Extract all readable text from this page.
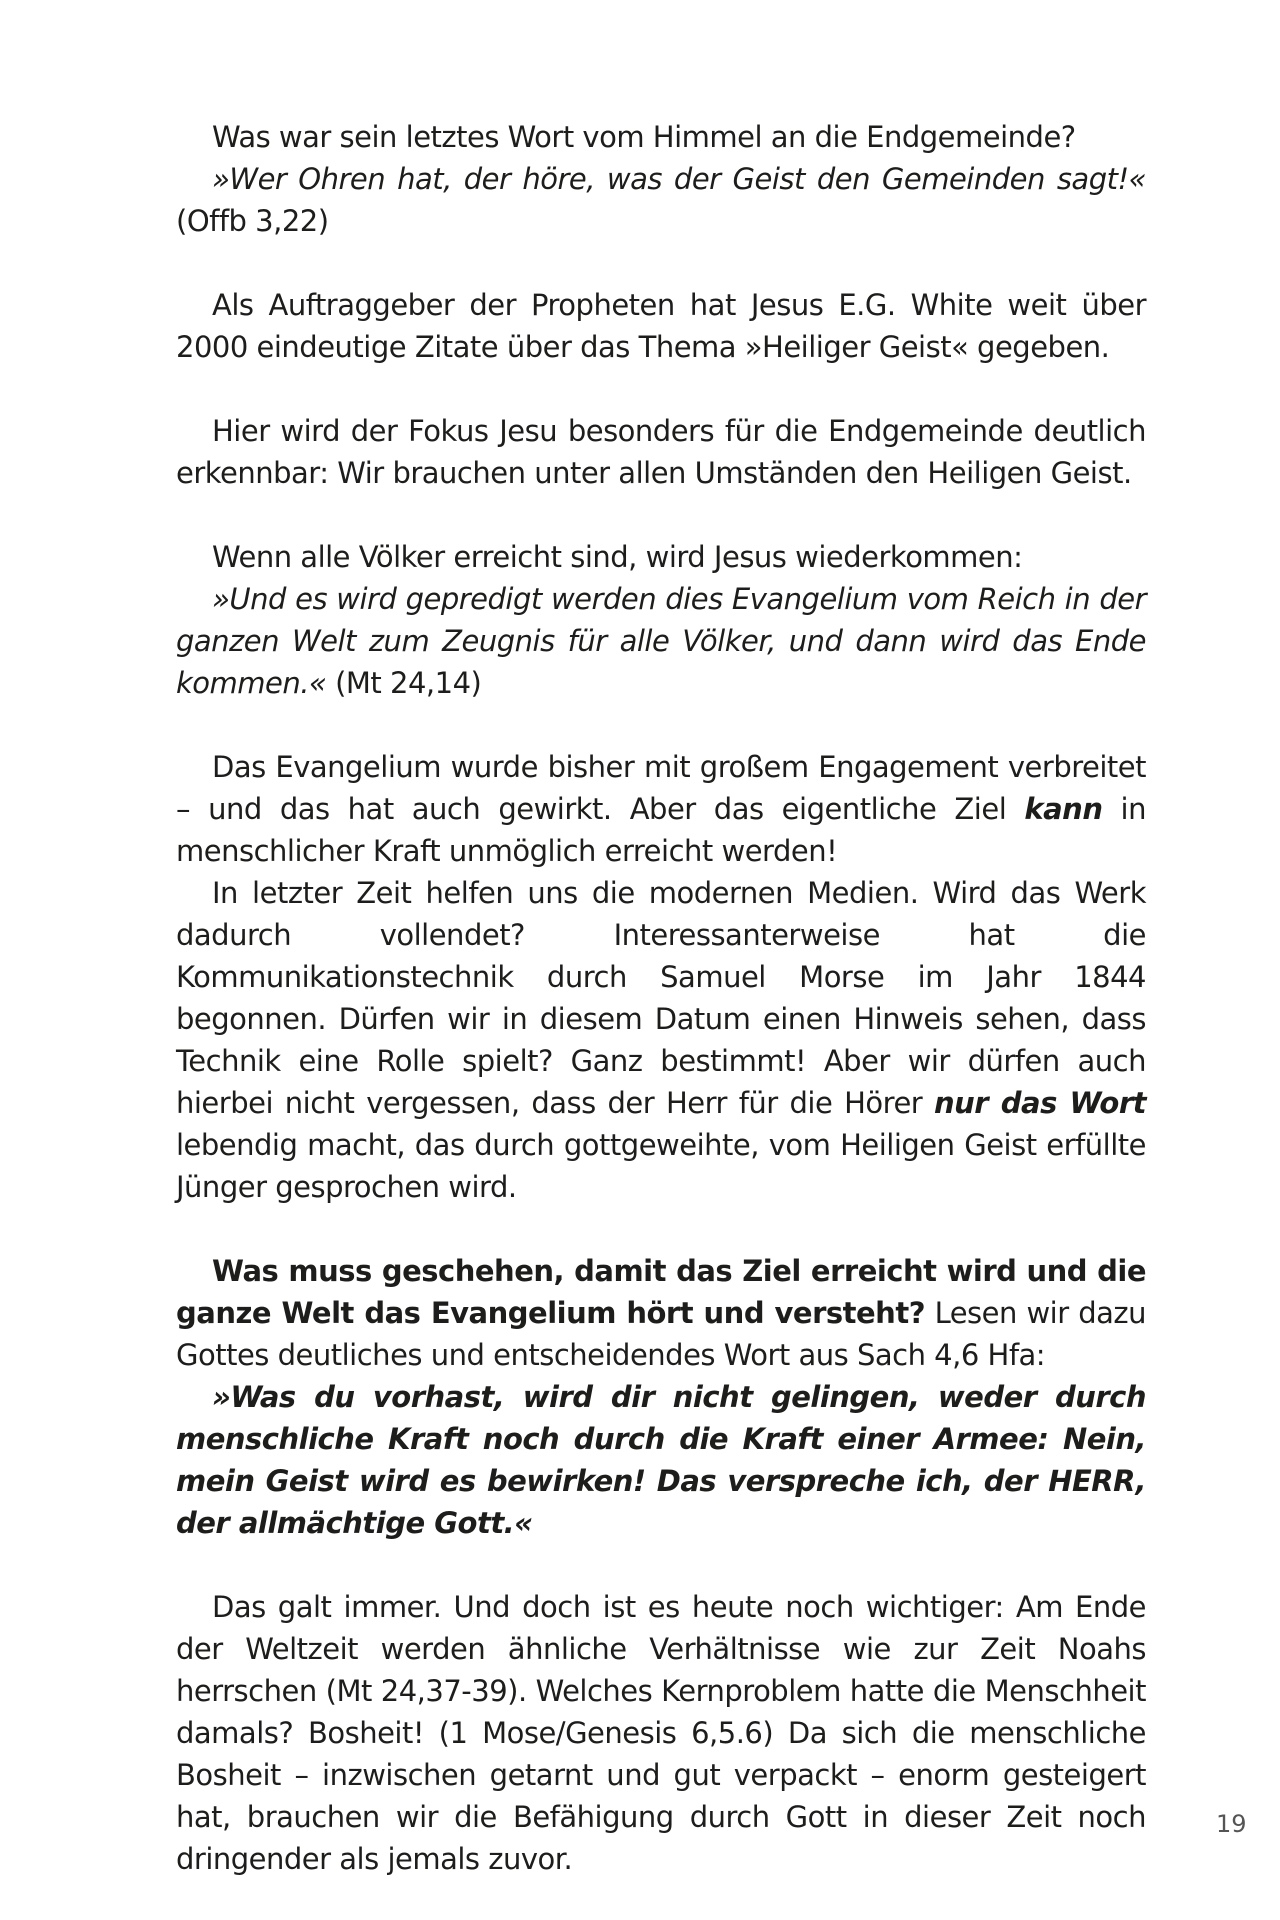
Was war sein letztes Wort vom Himmel an die Endgemeinde?

»Wer Ohren hat, der höre, was der Geist den Gemeinden sagt!« (Offb 3,22)

Als Auftraggeber der Propheten hat Jesus E.G. White weit über 2000 eindeutige Zitate über das Thema »Heiliger Geist« gegeben.

Hier wird der Fokus Jesu besonders für die Endgemeinde deutlich erkennbar: Wir brauchen unter allen Umständen den Heiligen Geist.

Wenn alle Völker erreicht sind, wird Jesus wiederkommen:

»Und es wird gepredigt werden dies Evangelium vom Reich in der ganzen Welt zum Zeugnis für alle Völker, und dann wird das Ende kommen.« (Mt 24,14)

Das Evangelium wurde bisher mit großem Engagement verbreitet – und das hat auch gewirkt. Aber das eigentliche Ziel kann in menschlicher Kraft unmöglich erreicht werden!

In letzter Zeit helfen uns die modernen Medien. Wird das Werk dadurch vollendet? Interessanterweise hat die Kommunikationstechnik durch Samuel Morse im Jahr 1844 begonnen. Dürfen wir in diesem Datum einen Hinweis sehen, dass Technik eine Rolle spielt? Ganz bestimmt! Aber wir dürfen auch hierbei nicht vergessen, dass der Herr für die Hörer nur das Wort lebendig macht, das durch gottgeweihte, vom Heiligen Geist erfüllte Jünger gesprochen wird.

Was muss geschehen, damit das Ziel erreicht wird und die ganze Welt das Evangelium hört und versteht? Lesen wir dazu Gottes deutliches und entscheidendes Wort aus Sach 4,6 Hfa:

»Was du vorhast, wird dir nicht gelingen, weder durch menschliche Kraft noch durch die Kraft einer Armee: Nein, mein Geist wird es bewirken! Das verspreche ich, der HERR, der allmächtige Gott.«

Das galt immer. Und doch ist es heute noch wichtiger: Am Ende der Weltzeit werden ähnliche Verhältnisse wie zur Zeit Noahs herrschen (Mt 24,37-39). Welches Kernproblem hatte die Menschheit damals? Bosheit! (1 Mose/Genesis 6,5.6) Da sich die menschliche Bosheit – inzwischen getarnt und gut verpackt – enorm gesteigert hat, brauchen wir die Befähigung durch Gott in dieser Zeit noch dringender als jemals zuvor.

19
